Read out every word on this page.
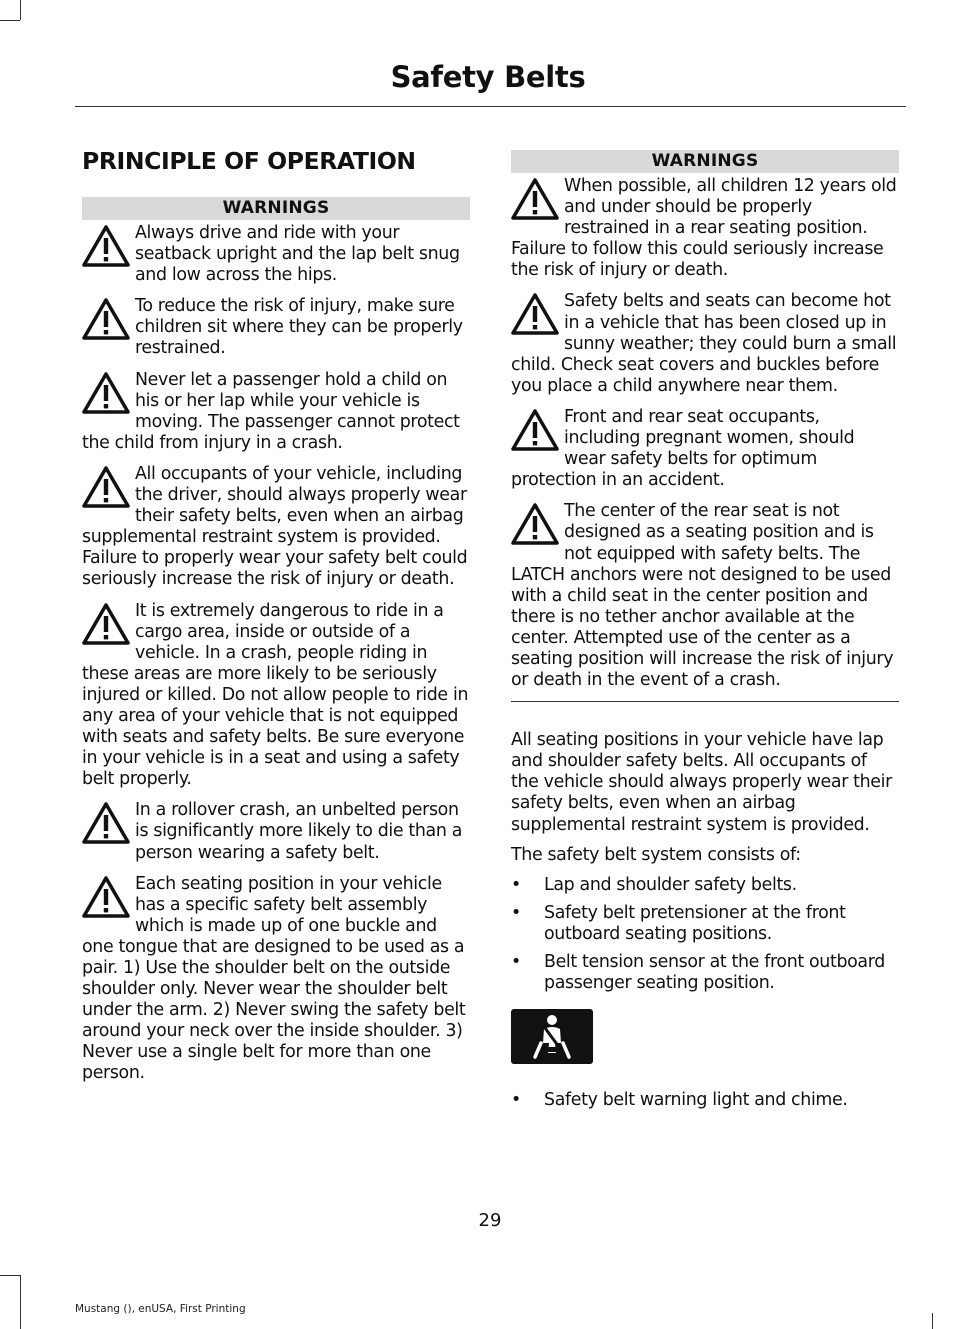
Safety Belts
PRINCIPLE OF OPERATION
WARNINGS
Always drive and ride with your seatback upright and the lap belt snug and low across the hips.
To reduce the risk of injury, make sure children sit where they can be properly restrained.
Never let a passenger hold a child on his or her lap while your vehicle is moving. The passenger cannot protect the child from injury in a crash.
All occupants of your vehicle, including the driver, should always properly wear their safety belts, even when an airbag supplemental restraint system is provided. Failure to properly wear your safety belt could seriously increase the risk of injury or death.
It is extremely dangerous to ride in a cargo area, inside or outside of a vehicle. In a crash, people riding in these areas are more likely to be seriously injured or killed. Do not allow people to ride in any area of your vehicle that is not equipped with seats and safety belts. Be sure everyone in your vehicle is in a seat and using a safety belt properly.
In a rollover crash, an unbelted person is significantly more likely to die than a person wearing a safety belt.
Each seating position in your vehicle has a specific safety belt assembly which is made up of one buckle and one tongue that are designed to be used as a pair. 1) Use the shoulder belt on the outside shoulder only. Never wear the shoulder belt under the arm. 2) Never swing the safety belt around your neck over the inside shoulder. 3) Never use a single belt for more than one person.
WARNINGS
When possible, all children 12 years old and under should be properly restrained in a rear seating position. Failure to follow this could seriously increase the risk of injury or death.
Safety belts and seats can become hot in a vehicle that has been closed up in sunny weather; they could burn a small child. Check seat covers and buckles before you place a child anywhere near them.
Front and rear seat occupants, including pregnant women, should wear safety belts for optimum protection in an accident.
The center of the rear seat is not designed as a seating position and is not equipped with safety belts. The LATCH anchors were not designed to be used with a child seat in the center position and there is no tether anchor available at the center. Attempted use of the center as a seating position will increase the risk of injury or death in the event of a crash.
All seating positions in your vehicle have lap and shoulder safety belts. All occupants of the vehicle should always properly wear their safety belts, even when an airbag supplemental restraint system is provided.
The safety belt system consists of:
• Lap and shoulder safety belts.
• Safety belt pretensioner at the front outboard seating positions.
• Belt tension sensor at the front outboard passenger seating position.
• Safety belt warning light and chime.
29
Mustang (), enUSA, First Printing
